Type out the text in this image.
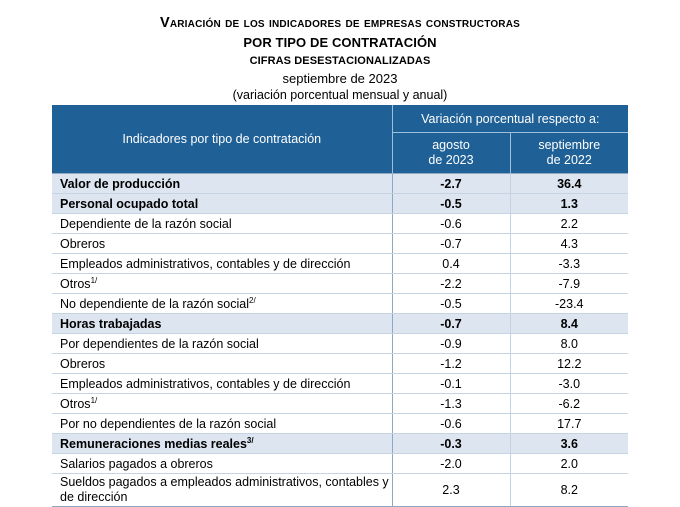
Variación de los indicadores de empresas constructoras
POR TIPO DE CONTRATACIÓN
CIFRAS DESESTACIONALIZADAS
septiembre de 2023
(variación porcentual mensual y anual)
Indicadores por tipo de contratación	Variación porcentual respecto a:	

agosto
de 2023

septiembre
de 2022

Valor de producción	-2.7	36.4
Personal ocupado total	-0.5	1.3
Dependiente de la razón social	-0.6	2.2
Obreros	-0.7	4.3
Empleados administrativos, contables y de dirección	0.4	-3.3
Otros$^{1/}$	-2.2	-7.9
No dependiente de la razón social$^{2/}$	-0.5	-23.4
Horas trabajadas	-0.7	8.4
Por dependientes de la razón social	-0.9	8.0
Obreros	-1.2	12.2
Empleados administrativos, contables y de dirección	-0.1	-3.0
Otros$^{1/}$	-1.3	-6.2
Por no dependientes de la razón social	-0.6	17.7
Remuneraciones medias reales$^{3/}$	-0.3	3.6
Salarios pagados a obreros	-2.0	2.0
Sueldos pagados a empleados administrativos, contables y de dirección	2.3	8.2
